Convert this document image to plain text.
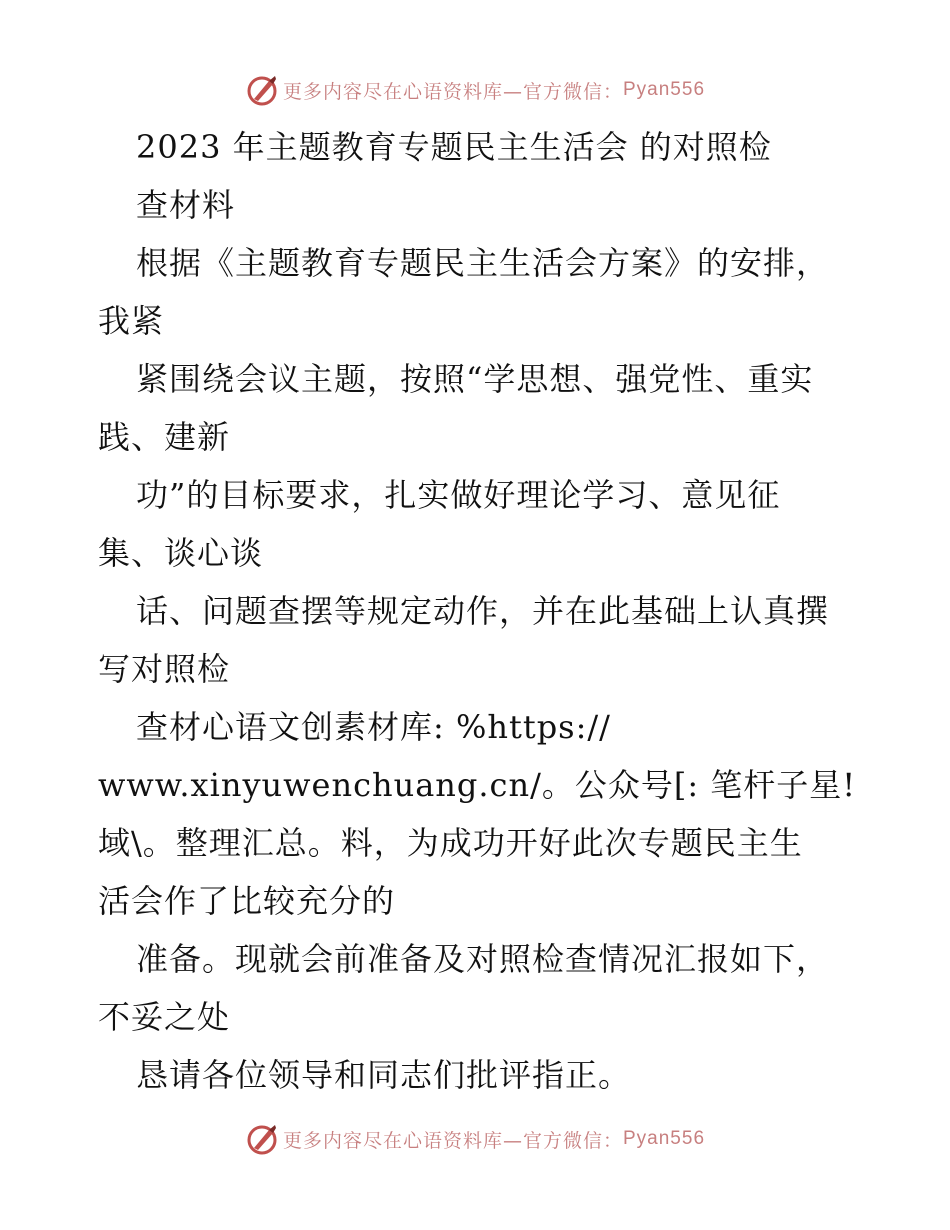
更多内容尽在心语资料库—官方微信： Pyan556
2023 年主题教育专题民主生活会 的对照检
查材料
根据《主题教育专题民主生活会方案》的安排，
我紧
紧围绕会议主题，按照“学思想、强党性、重实
践、建新
功”的目标要求，扎实做好理论学习、意见征
集、谈心谈
话、问题查摆等规定动作，并在此基础上认真撰
写对照检
查材心语文创素材库: %https://
www.xinyuwenchuang.cn/。公众号[: 笔杆子星!
域\。整理汇总。料，为成功开好此次专题民主生
活会作了比较充分的
准备。现就会前准备及对照检查情况汇报如下，
不妥之处
恳请各位领导和同志们批评指正。
更多内容尽在心语资料库—官方微信： Pyan556
